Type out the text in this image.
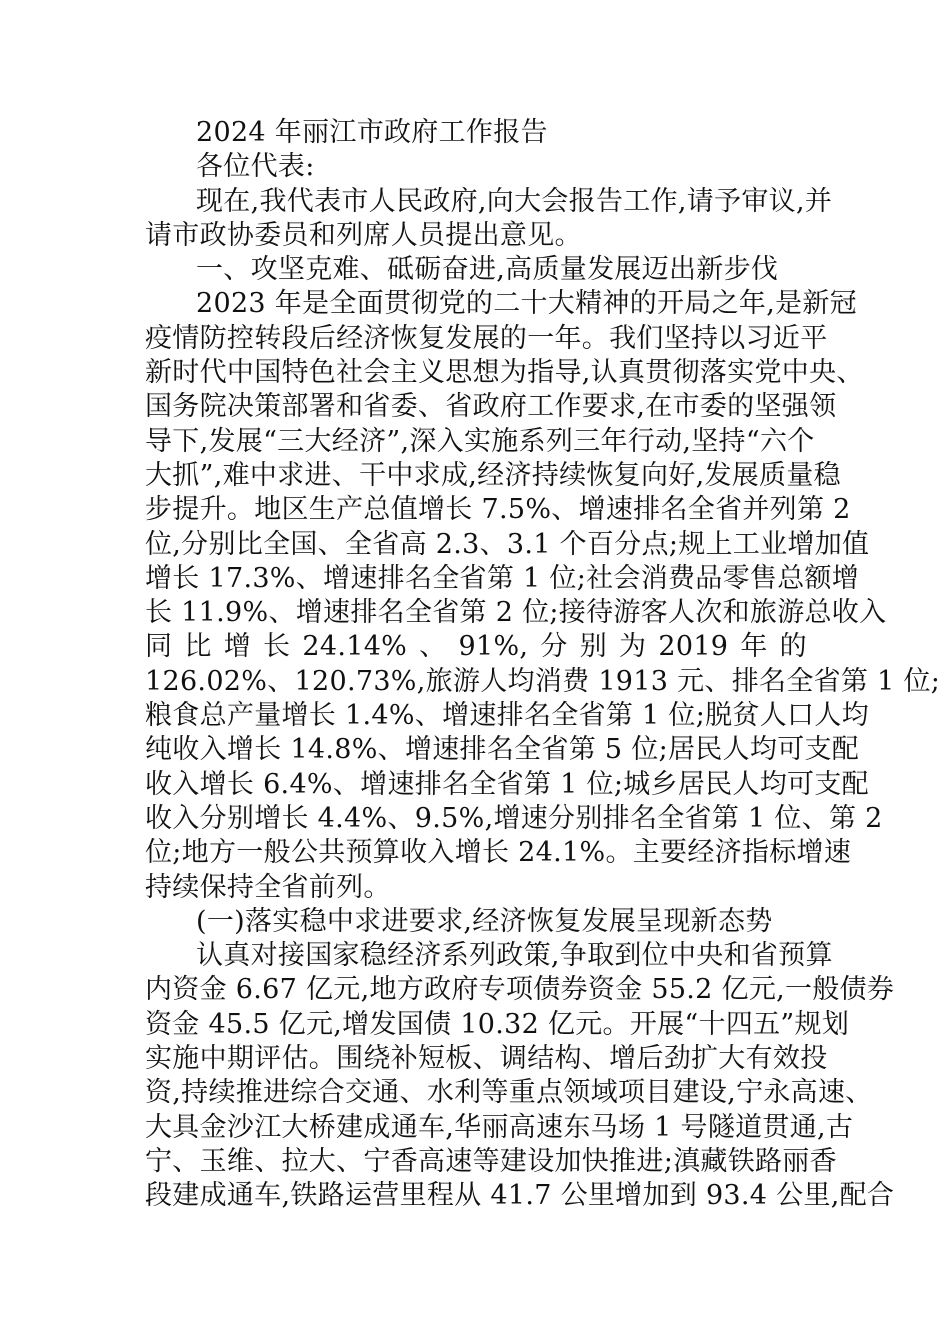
2024 年丽江市政府工作报告
各位代表:
现在,我代表市人民政府,向大会报告工作,请予审议,并
请市政协委员和列席人员提出意见。
一、攻坚克难、砥砺奋进,高质量发展迈出新步伐
2023 年是全面贯彻党的二十大精神的开局之年,是新冠
疫情防控转段后经济恢复发展的一年。我们坚持以习近平
新时代中国特色社会主义思想为指导,认真贯彻落实党中央、
国务院决策部署和省委、省政府工作要求,在市委的坚强领
导下,发展“三大经济”,深入实施系列三年行动,坚持“六个
大抓”,难中求进、干中求成,经济持续恢复向好,发展质量稳
步提升。地区生产总值增长 7.5%、增速排名全省并列第 2
位,分别比全国、全省高 2.3、3.1 个百分点;规上工业增加值
增长 17.3%、增速排名全省第 1 位;社会消费品零售总额增
长 11.9%、增速排名全省第 2 位;接待游客人次和旅游总收入
同 比 增 长 24.14% 、 91%, 分 别 为 2019 年 的
126.02%、120.73%,旅游人均消费 1913 元、排名全省第 1 位;
粮食总产量增长 1.4%、增速排名全省第 1 位;脱贫人口人均
纯收入增长 14.8%、增速排名全省第 5 位;居民人均可支配
收入增长 6.4%、增速排名全省第 1 位;城乡居民人均可支配
收入分别增长 4.4%、9.5%,增速分别排名全省第 1 位、第 2
位;地方一般公共预算收入增长 24.1%。主要经济指标增速
持续保持全省前列。
(一)落实稳中求进要求,经济恢复发展呈现新态势
认真对接国家稳经济系列政策,争取到位中央和省预算
内资金 6.67 亿元,地方政府专项债券资金 55.2 亿元,一般债券
资金 45.5 亿元,增发国债 10.32 亿元。开展“十四五”规划
实施中期评估。围绕补短板、调结构、增后劲扩大有效投
资,持续推进综合交通、水利等重点领域项目建设,宁永高速、
大具金沙江大桥建成通车,华丽高速东马场 1 号隧道贯通,古
宁、玉维、拉大、宁香高速等建设加快推进;滇藏铁路丽香
段建成通车,铁路运营里程从 41.7 公里增加到 93.4 公里,配合
